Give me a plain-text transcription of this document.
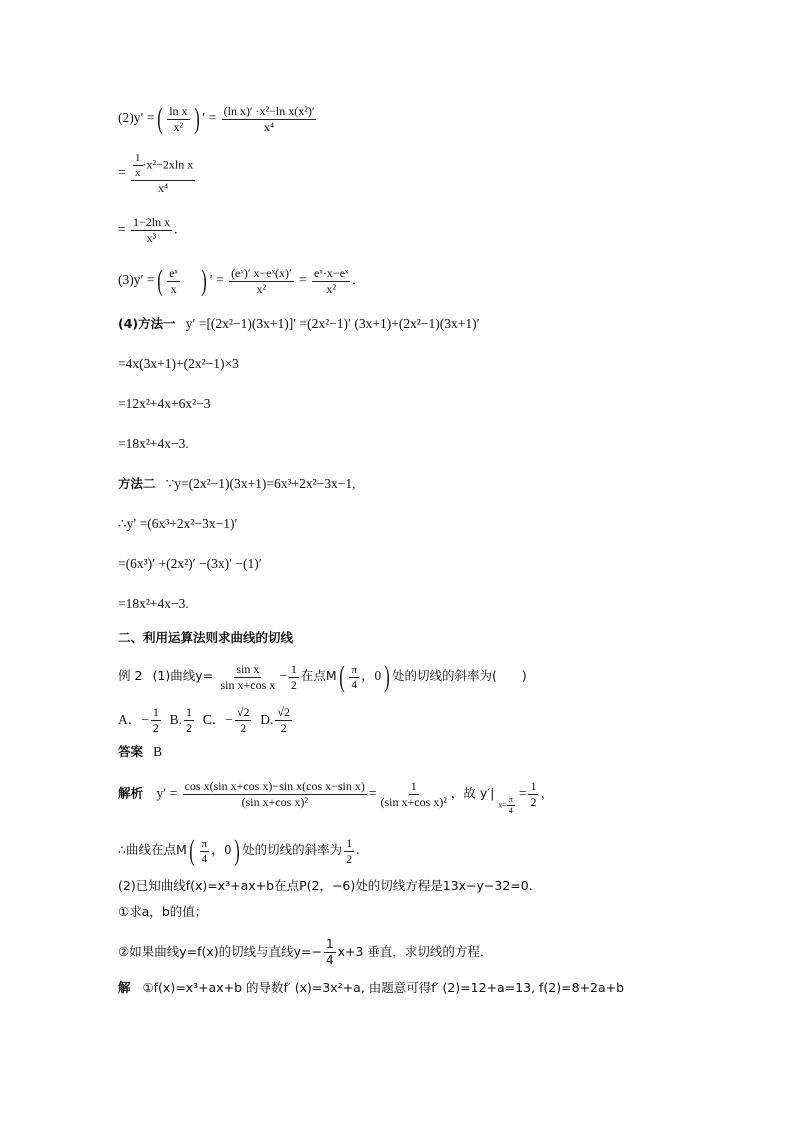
(2)y′ = ( $\frac{\text{ln x}}{\text{x²}}$ ) ′ = $\frac{\text{(ln x)′ ·x²−ln x(x²)′}}{\text{x⁴}}$
= $\frac{\frac{1}{x} \cdot x^2-2xln x}{\text{x⁴}}$
= $\frac{\text{1−2ln x}}{\text{x³}}$ .
(3)y′ = ( $\frac{\text{eˣ}}{x}$ ) ′ = $\frac{\text{(eˣ)′ x−eˣ(x)′}}{\text{x²}} = \frac{\text{eˣ·x−eˣ}}{\text{x²}}$ .
(4)方法一 y′ =[(2x²−1)(3x+1)]′ =(2x²−1)′ (3x+1)+(2x²−1)(3x+1)′
=4x(3x+1)+(2x²−1)×3
=12x²+4x+6x²−3
=18x²+4x−3.
方法二 ∵y=(2x²−1)(3x+1)=6x³+2x²−3x−1,
∴y′ =(6x³+2x²−3x−1)′
=(6x³)′ +(2x²)′ −(3x)′ −(1)′
=18x²+4x−3.
二、利用运算法则求曲线的切线
例 2 (1)曲线$y= \frac{\text{sin x}}{\text{sin x+cos x}} - \frac{1}{2}$ 在点M ( $\frac{\pi}{4}$ ，0 ) 处的切线的斜率为(　　)
A．− $\frac{1}{2} B$. $\frac{1}{2}$ C．− $\frac{√2}{2} D$. $\frac{√2}{2}$
答案 B
解析 $y' = \frac{\text{cos x(sin x+cos x)−sin x(cos x−sin x)}}{\text{(sin x+cos x)²}} = \frac{1}{\text{(sin x+cos x)²}}$ ，故 y′|
$x= \frac{\pi}{4}$
= $\frac{1}{2}$ ，
∴曲线在点M ( $\frac{\pi}{4}$ ，0 ) 处的切线的斜率为 $\frac{1}{2}$ .
(2)已知曲线f(x)=x³+ax+b在点P(2，−6)处的切线方程是13x−y−32=0.
①求a，b的值；
②如果曲线y=f(x)的切线与直线$y=- \frac{1}{4} x+3$ 垂直，求切线的方程．
解 ①f(x)=x³+ax+b 的导数f′ (x)=3x²+a, 由题意可得f′ (2)=12+a=13, f(2)=8+2a+b
